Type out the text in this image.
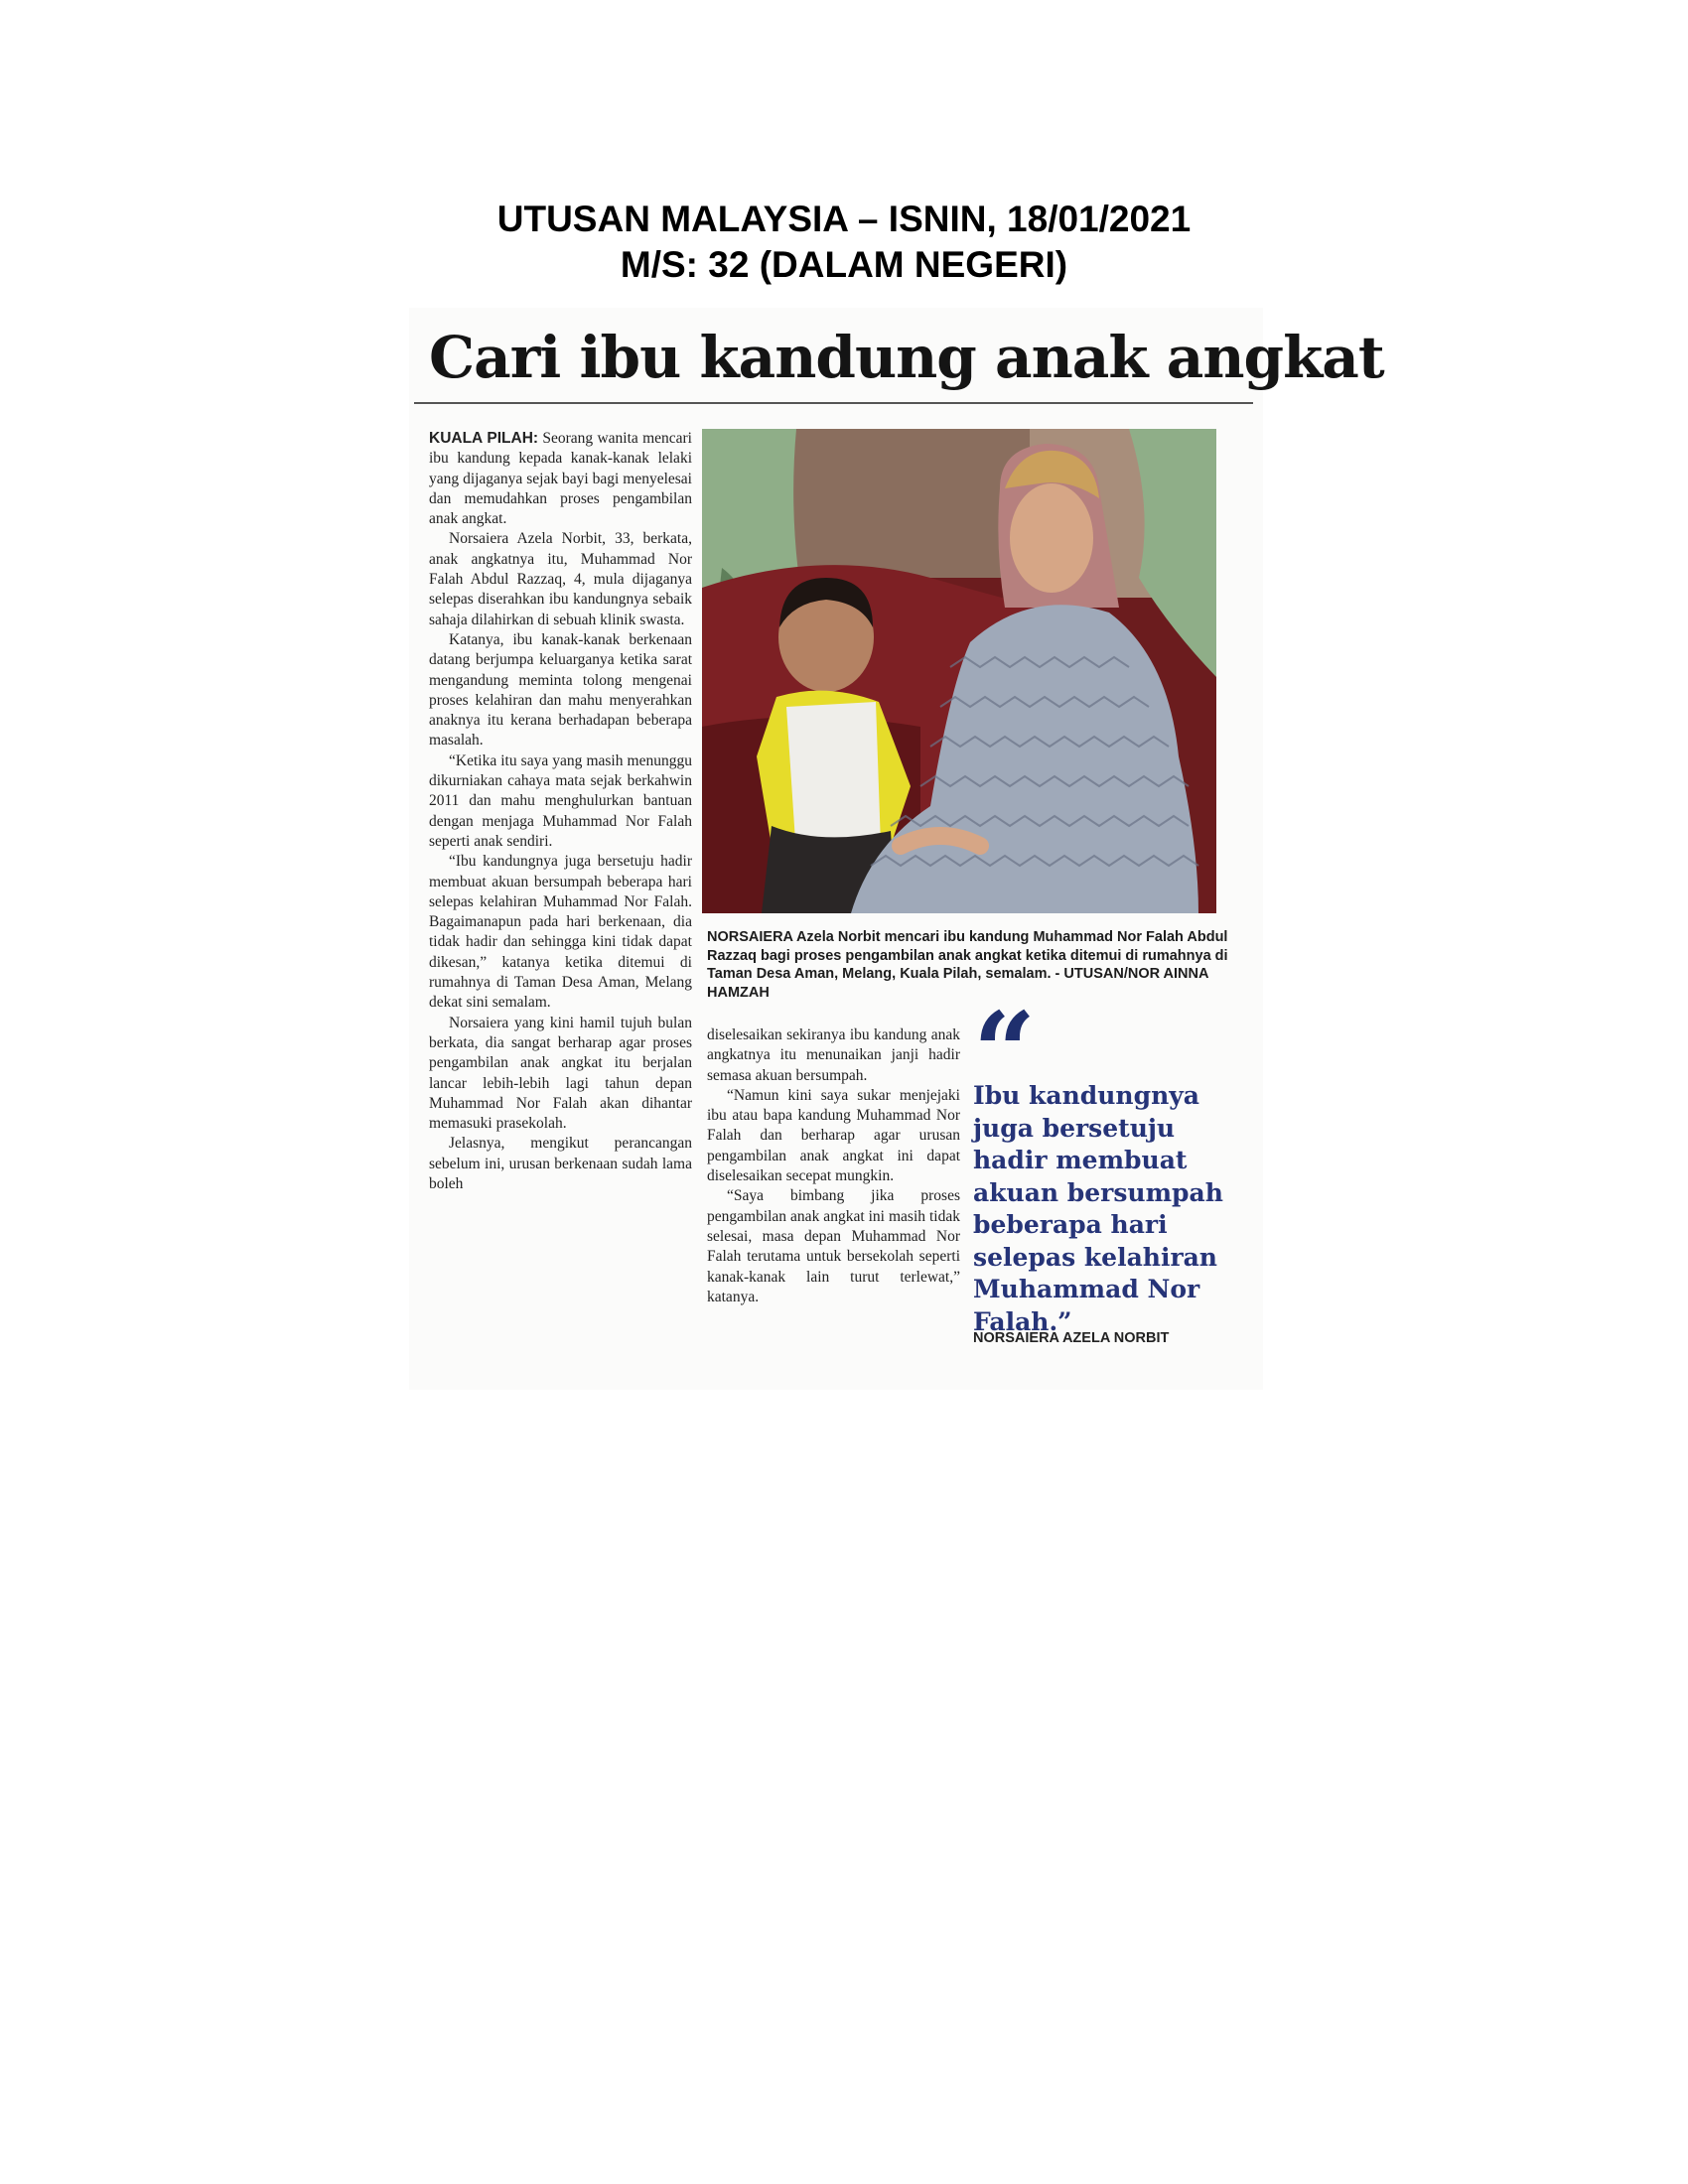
UTUSAN MALAYSIA – ISNIN, 18/01/2021
M/S: 32 (DALAM NEGERI)
Cari ibu kandung anak angkat

KUALA PILAH: Seorang wanita mencari ibu kandung kepada kanak-kanak lelaki yang dijaganya sejak bayi bagi menyelesai dan memudahkan proses pengambilan anak angkat.

Norsaiera Azela Norbit, 33, berkata, anak angkatnya itu, Muhammad Nor Falah Abdul Razzaq, 4, mula dijaganya selepas diserahkan ibu kandungnya sebaik sahaja dilahirkan di sebuah klinik swasta.

Katanya, ibu kanak-kanak berkenaan datang berjumpa keluarganya ketika sarat mengandung meminta tolong mengenai proses kelahiran dan mahu menyerahkan anaknya itu kerana berhadapan beberapa masalah.

“Ketika itu saya yang masih menunggu dikurniakan cahaya mata sejak berkahwin 2011 dan mahu menghulurkan bantuan dengan menjaga Muhammad Nor Falah seperti anak sendiri.

“Ibu kandungnya juga bersetuju hadir membuat akuan bersumpah beberapa hari selepas kelahiran Muhammad Nor Falah. Bagaimanapun pada hari berkenaan, dia tidak hadir dan sehingga kini tidak dapat dikesan,” katanya ketika ditemui di rumahnya di Taman Desa Aman, Melang dekat sini semalam.

Norsaiera yang kini hamil tujuh bulan berkata, dia sangat berharap agar proses pengambilan anak angkat itu berjalan lancar lebih-lebih lagi tahun depan Muhammad Nor Falah akan dihantar memasuki prasekolah.

Jelasnya, mengikut perancangan sebelum ini, urusan berkenaan sudah lama boleh

NORSAIERA Azela Norbit mencari ibu kandung Muhammad Nor Falah Abdul Razzaq bagi proses pengambilan anak angkat ketika ditemui di rumahnya di Taman Desa Aman, Melang, Kuala Pilah, semalam. - UTUSAN/NOR AINNA HAMZAH

diselesaikan sekiranya ibu kandung anak angkatnya itu menunaikan janji hadir semasa akuan bersumpah.

“Namun kini saya sukar menjejaki ibu atau bapa kandung Muhammad Nor Falah dan berharap agar urusan pengambilan anak angkat ini dapat diselesaikan secepat mungkin.

“Saya bimbang jika proses pengambilan anak angkat ini masih tidak selesai, masa depan Muhammad Nor Falah terutama untuk bersekolah seperti kanak-kanak lain turut terlewat,” katanya.

“
Ibu kandungnya juga bersetuju hadir membuat akuan bersumpah beberapa hari selepas kelahiran Muhammad Nor Falah.”
NORSAIERA AZELA NORBIT
